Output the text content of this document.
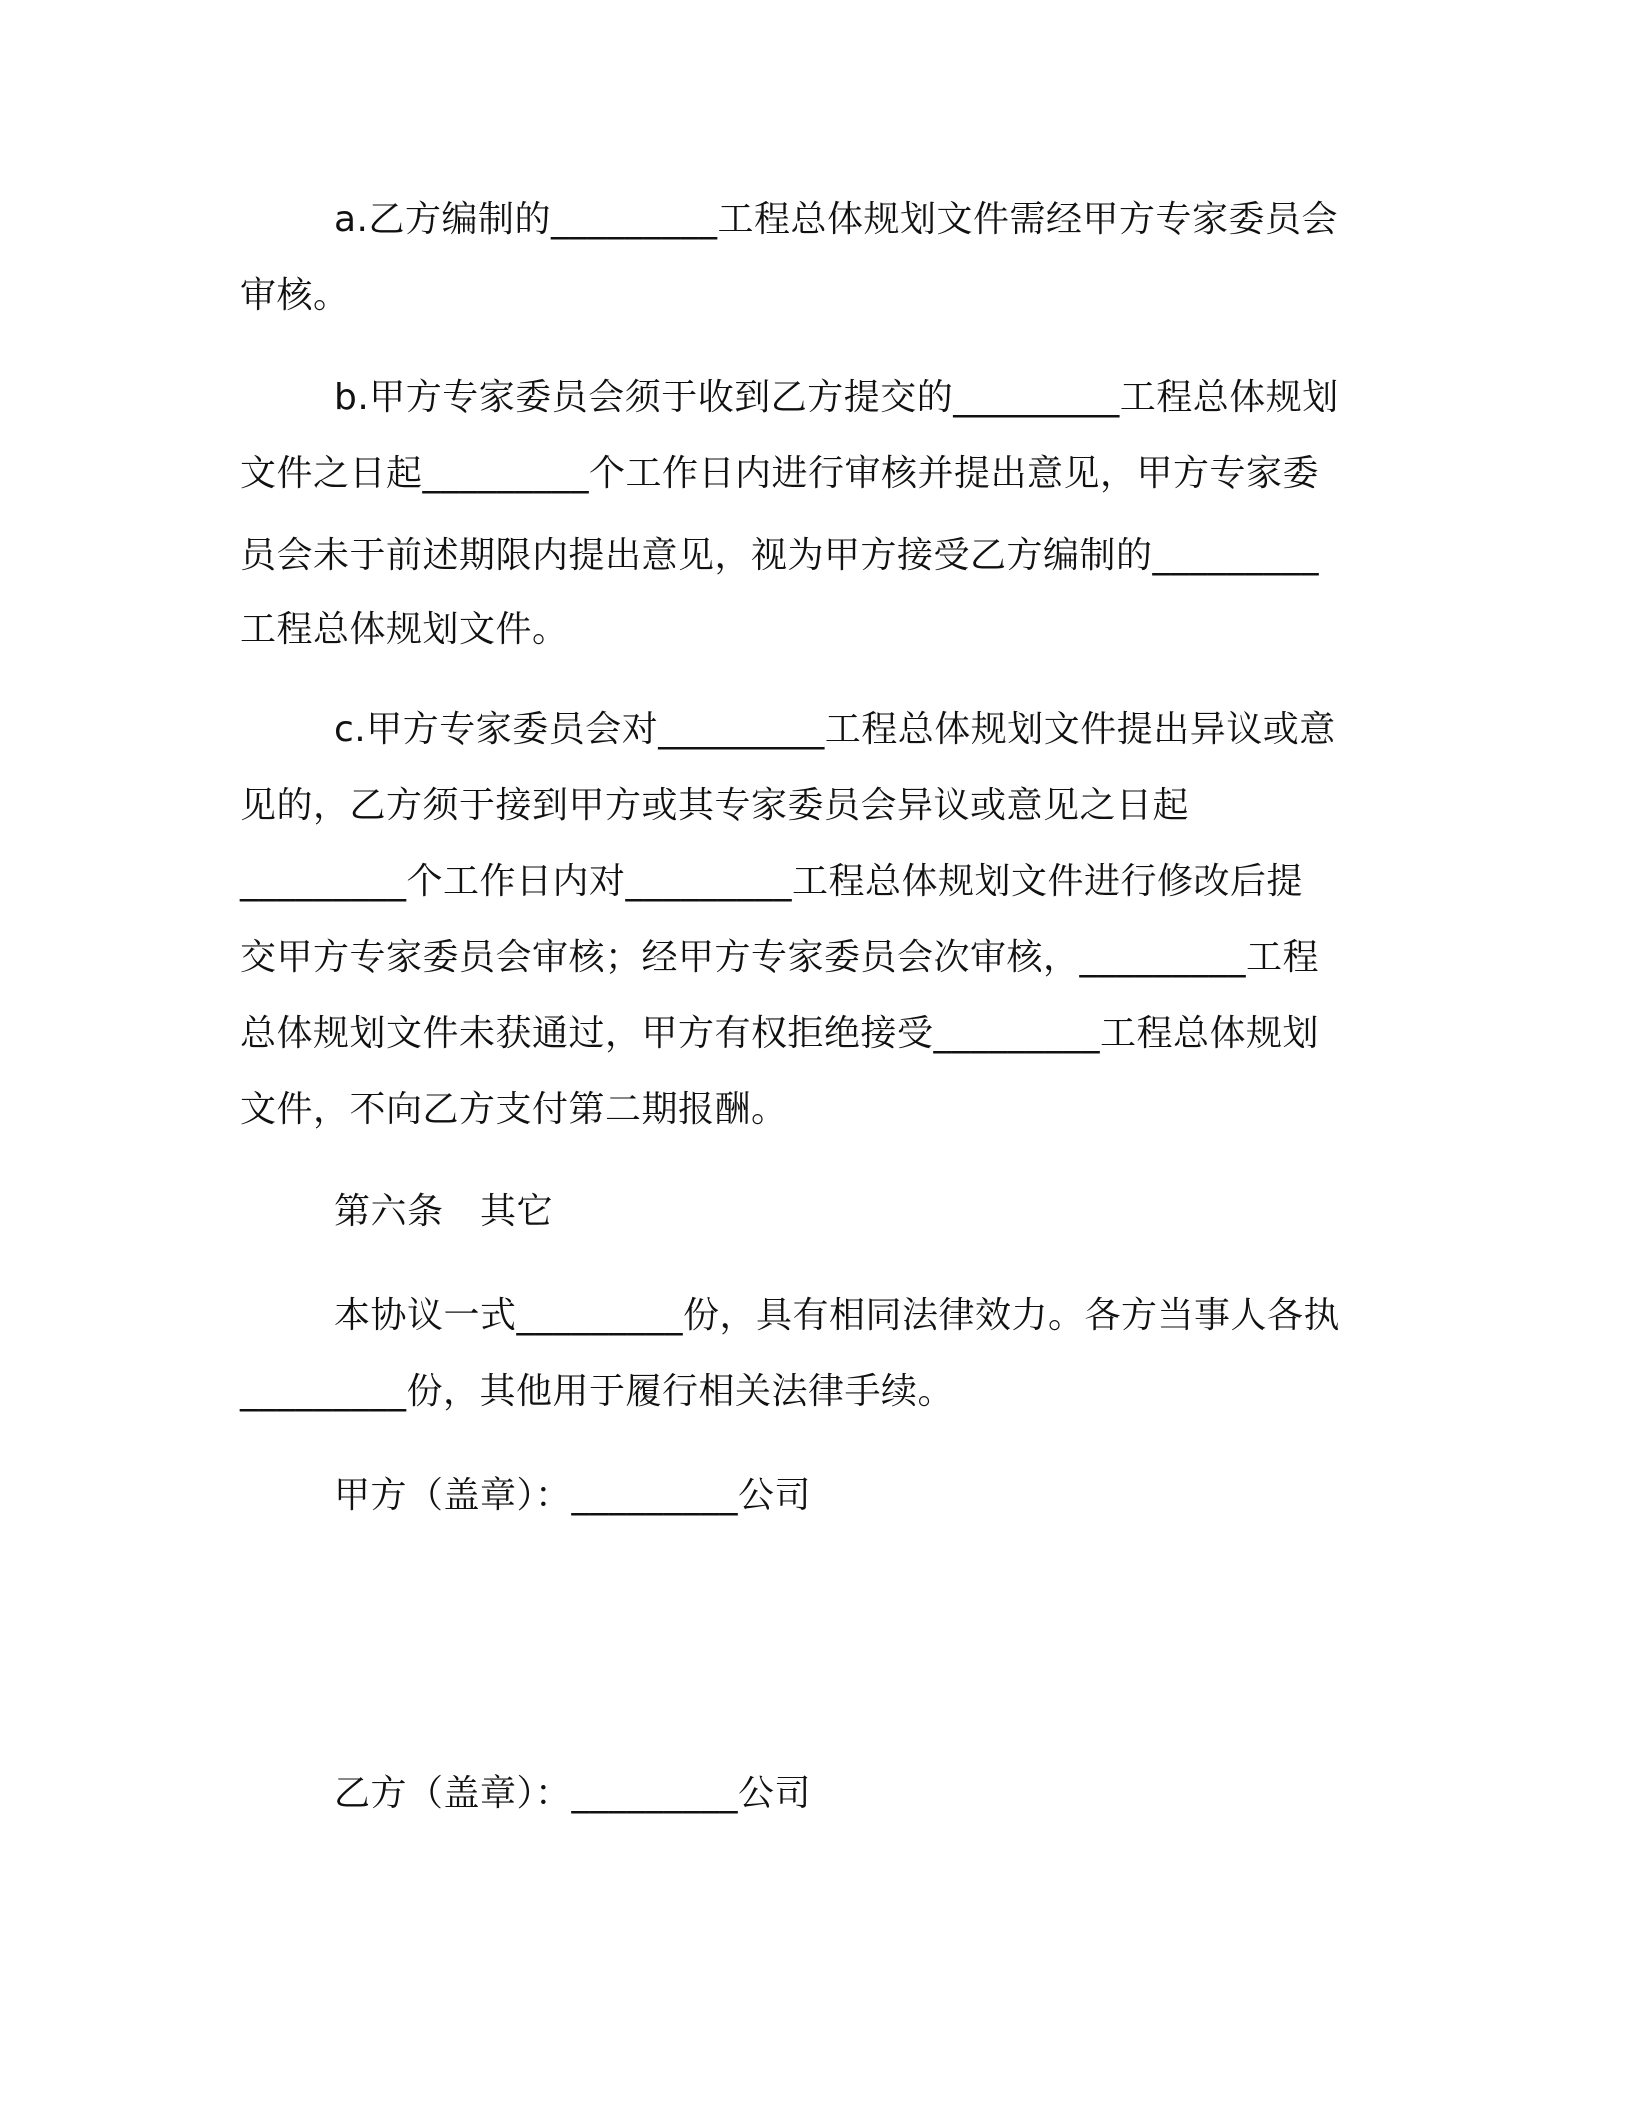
a.乙方编制的_________工程总体规划文件需经甲方专家委员会
审核。
b.甲方专家委员会须于收到乙方提交的_________工程总体规划
文件之日起_________个工作日内进行审核并提出意见，甲方专家委
员会未于前述期限内提出意见，视为甲方接受乙方编制的_________
工程总体规划文件。
c.甲方专家委员会对_________工程总体规划文件提出异议或意
见的，乙方须于接到甲方或其专家委员会异议或意见之日起
_________个工作日内对_________工程总体规划文件进行修改后提
交甲方专家委员会审核；经甲方专家委员会次审核，_________工程
总体规划文件未获通过，甲方有权拒绝接受_________工程总体规划
文件，不向乙方支付第二期报酬。
第六条　其它
本协议一式_________份，具有相同法律效力。各方当事人各执
_________份，其他用于履行相关法律手续。
甲方（盖章）：_________公司
乙方（盖章）：_________公司
